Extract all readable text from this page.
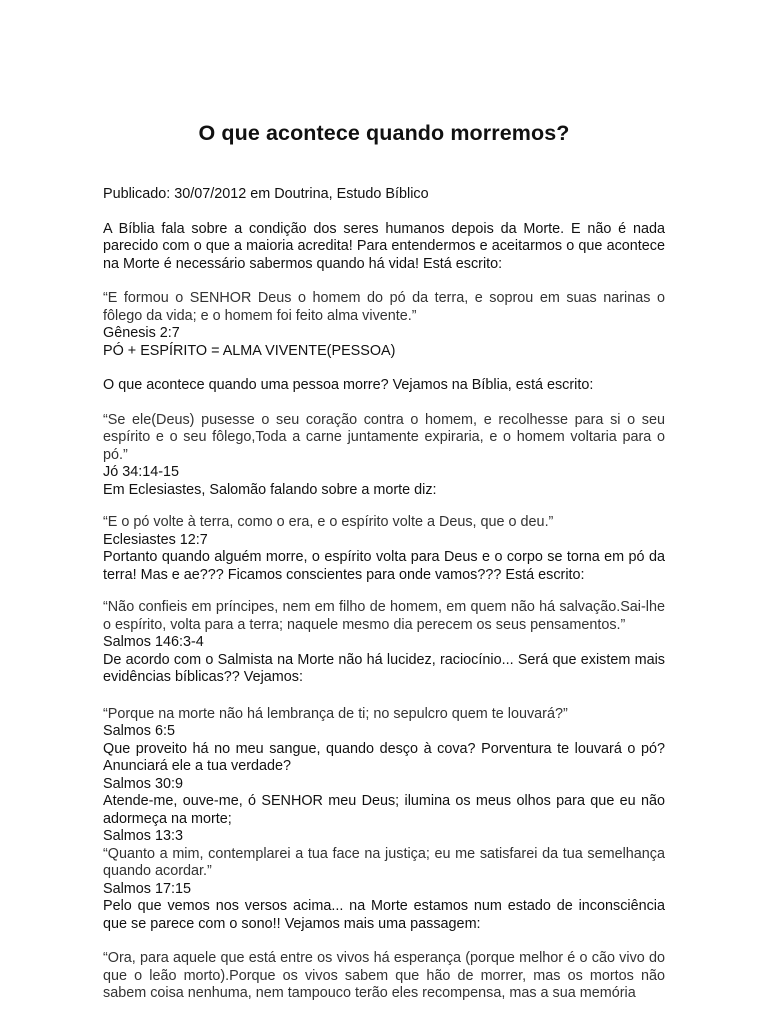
O que acontece quando morremos?

Publicado: 30/07/2012 em Doutrina, Estudo Bíblico

A Bíblia fala sobre a condição dos seres humanos depois da Morte. E não é nada parecido com o que a maioria acredita! Para entendermos e aceitarmos o que acontece na Morte é necessário sabermos quando há vida! Está escrito:

“E formou o SENHOR Deus o homem do pó da terra, e soprou em suas narinas o fôlego da vida; e o homem foi feito alma vivente.”

Gênesis 2:7

PÓ + ESPÍRITO = ALMA VIVENTE(PESSOA)

O que acontece quando uma pessoa morre? Vejamos na Bíblia, está escrito:

“Se ele(Deus) pusesse o seu coração contra o homem, e recolhesse para si o seu espírito e o seu fôlego,Toda a carne juntamente expiraria, e o homem voltaria para o pó.”

Jó 34:14-15

Em Eclesiastes, Salomão falando sobre a morte diz:

“E o pó volte à terra, como o era, e o espírito volte a Deus, que o deu.”

Eclesiastes 12:7

Portanto quando alguém morre, o espírito volta para Deus e o corpo se torna em pó da terra! Mas e ae??? Ficamos conscientes para onde vamos??? Está escrito:

“Não confieis em príncipes, nem em filho de homem, em quem não há salvação.Sai-lhe o espírito, volta para a terra; naquele mesmo dia perecem os seus pensamentos.”

Salmos 146:3-4

De acordo com o Salmista na Morte não há lucidez, raciocínio... Será que existem mais evidências bíblicas?? Vejamos:

“Porque na morte não há lembrança de ti; no sepulcro quem te louvará?”

Salmos 6:5

Que proveito há no meu sangue, quando desço à cova? Porventura te louvará o pó? Anunciará ele a tua verdade?

Salmos 30:9

Atende-me, ouve-me, ó SENHOR meu Deus; ilumina os meus olhos para que eu não adormeça na morte;

Salmos 13:3

“Quanto a mim, contemplarei a tua face na justiça; eu me satisfarei da tua semelhança quando acordar.”

Salmos 17:15

Pelo que vemos nos versos acima... na Morte estamos num estado de inconsciência que se parece com o sono!! Vejamos mais uma passagem:

“Ora, para aquele que está entre os vivos há esperança (porque melhor é o cão vivo do que o leão morto).Porque os vivos sabem que hão de morrer, mas os mortos não sabem coisa nenhuma, nem tampouco terão eles recompensa, mas a sua memória
